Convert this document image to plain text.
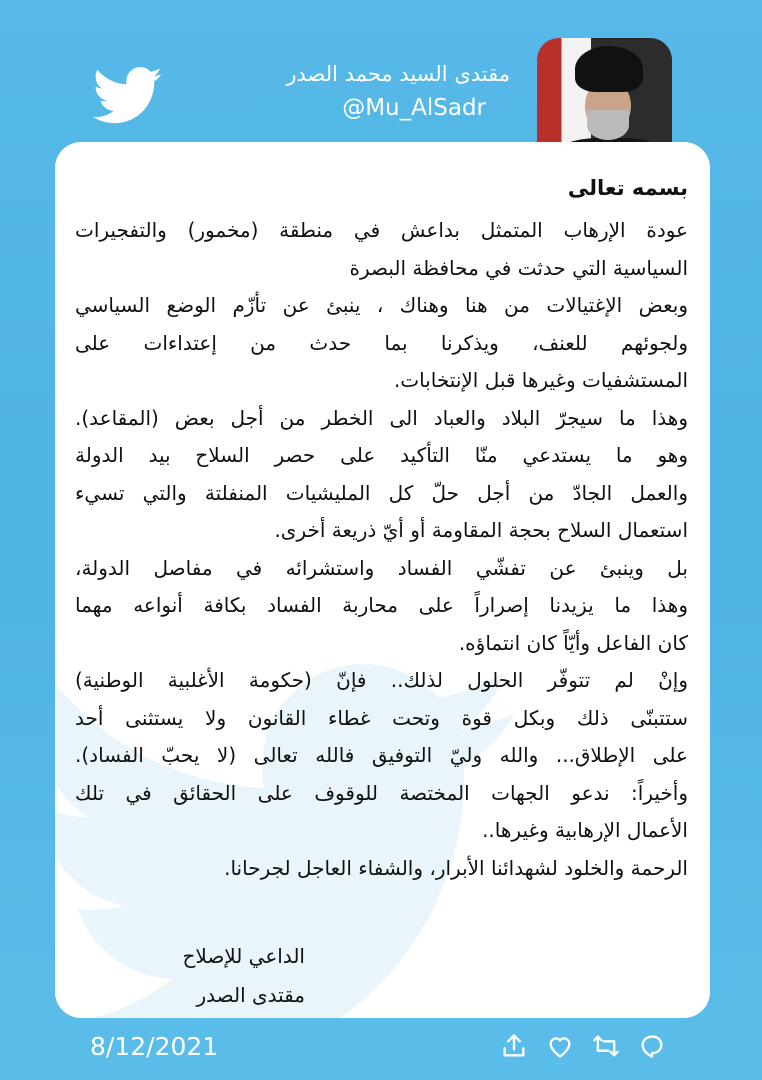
مقتدى السيد محمد الصدر
@Mu_AlSadr
بسمه تعالى
عودة الإرهاب المتمثل بداعش في منطقة (مخمور) والتفجيرات
السياسية التي حدثت في محافظة البصرة
وبعض الإغتيالات من هنا وهناك ، ينبئ عن تأزّم الوضع السياسي
ولجوئهم للعنف، ويذكرنا بما حدث من إعتداءات على
المستشفيات وغيرها قبل الإنتخابات.
وهذا ما سيجرّ البلاد والعباد الى الخطر من أجل بعض (المقاعد).
وهو ما يستدعي منّا التأكيد على حصر السلاح بيد الدولة
والعمل الجادّ من أجل حلّ كل المليشيات المنفلتة والتي تسيء
استعمال السلاح بحجة المقاومة أو أيّ ذريعة أخرى.
بل وينبئ عن تفشّي الفساد واستشرائه في مفاصل الدولة،
وهذا ما يزيدنا إصراراً على محاربة الفساد بكافة أنواعه مهما
كان الفاعل وأيّاً كان انتماؤه.
وإنْ لم تتوفّر الحلول لذلك.. فإنّ (حكومة الأغلبية الوطنية)
ستتبنّى ذلك وبكل قوة وتحت غطاء القانون ولا يستثنى أحد
على الإطلاق... والله وليّ التوفيق فالله تعالى (لا يحبّ الفساد).
وأخيراً: ندعو الجهات المختصة للوقوف على الحقائق في تلك
الأعمال الإرهابية وغيرها..
الرحمة والخلود لشهدائنا الأبرار، والشفاء العاجل لجرحانا.
الداعي للإصلاح
مقتدى الصدر
8/12/2021
